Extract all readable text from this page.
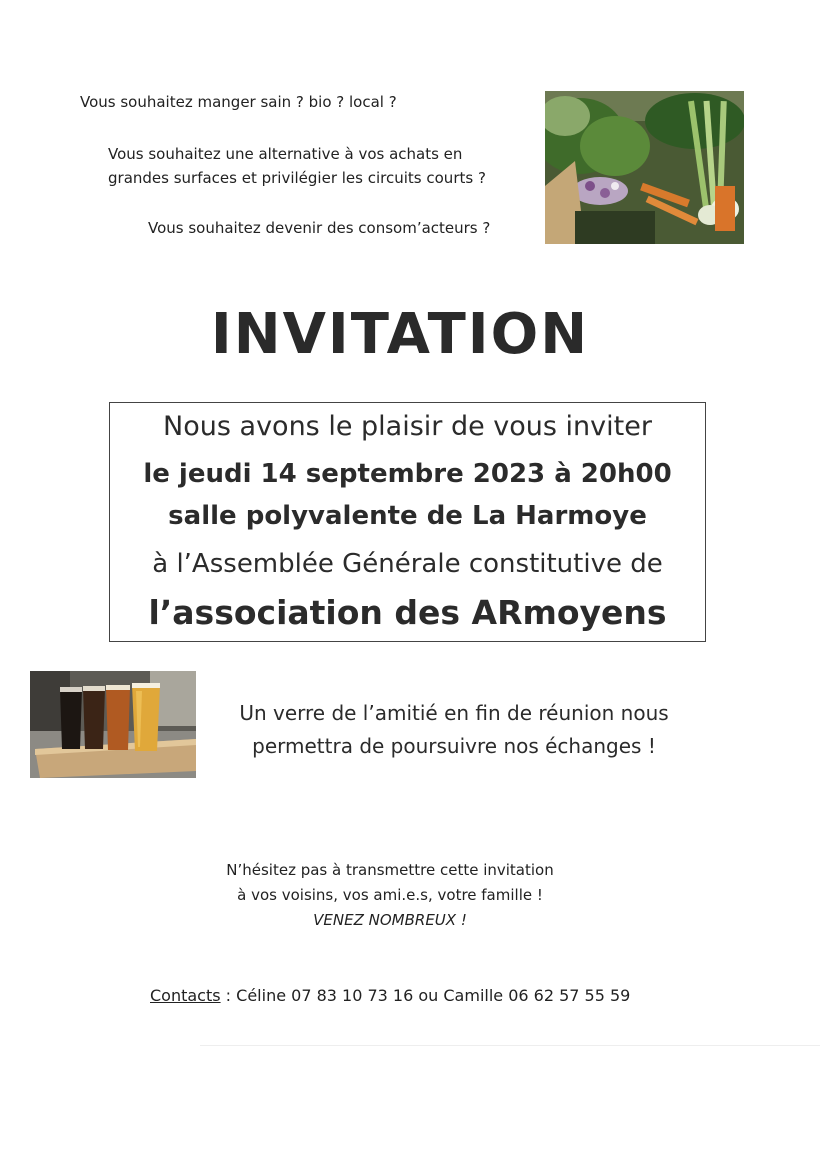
Vous souhaitez manger sain ? bio ? local ?
Vous souhaitez une alternative à vos achats en
grandes surfaces et privilégier les circuits courts ?
Vous souhaitez devenir des consom’acteurs ?
INVITATION
Nous avons le plaisir de vous inviter
le jeudi 14 septembre 2023 à 20h00
salle polyvalente de La Harmoye
à l’Assemblée Générale constitutive de
l’association des ARmoyens
Un verre de l’amitié en fin de réunion nous
permettra de poursuivre nos échanges !
N’hésitez pas à transmettre cette invitation
à vos voisins, vos ami.e.s, votre famille !
VENEZ NOMBREUX !
Contacts : Céline 07 83 10 73 16 ou Camille 06 62 57 55 59
